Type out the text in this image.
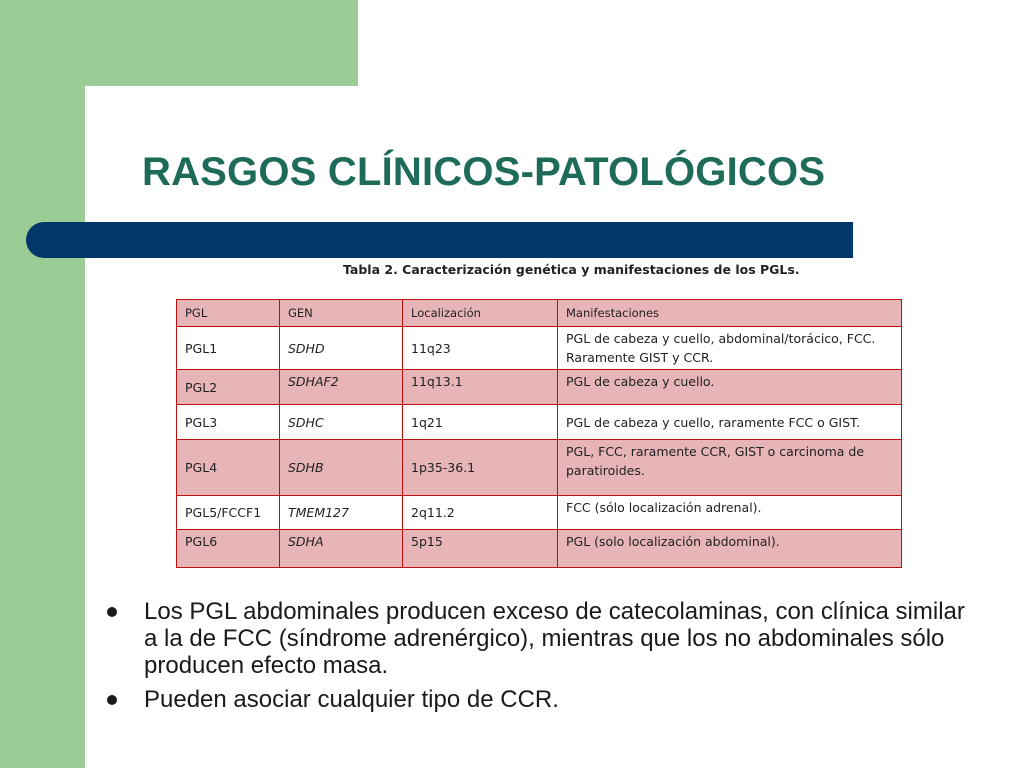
RASGOS CLÍNICOS-PATOLÓGICOS
Tabla 2. Caracterización genética y manifestaciones de los PGLs.
PGL	GEN	Localización	Manifestaciones
PGL1	SDHD	11q23	PGL de cabeza y cuello, abdominal/torácico, FCC. Raramente GIST y CCR.
PGL2	SDHAF2	11q13.1	PGL de cabeza y cuello.
PGL3	SDHC	1q21	PGL de cabeza y cuello, raramente FCC o GIST.
PGL4	SDHB	1p35-36.1	PGL, FCC, raramente CCR, GIST o carcinoma de paratiroides.
PGL5/FCCF1	TMEM127	2q11.2	FCC (sólo localización adrenal).
PGL6	SDHA	5p15	PGL (solo localización abdominal).
Los PGL abdominales producen exceso de catecolaminas, con clínica similar a la de FCC (síndrome adrenérgico), mientras que los no abdominales sólo producen efecto masa.
Pueden asociar cualquier tipo de CCR.
